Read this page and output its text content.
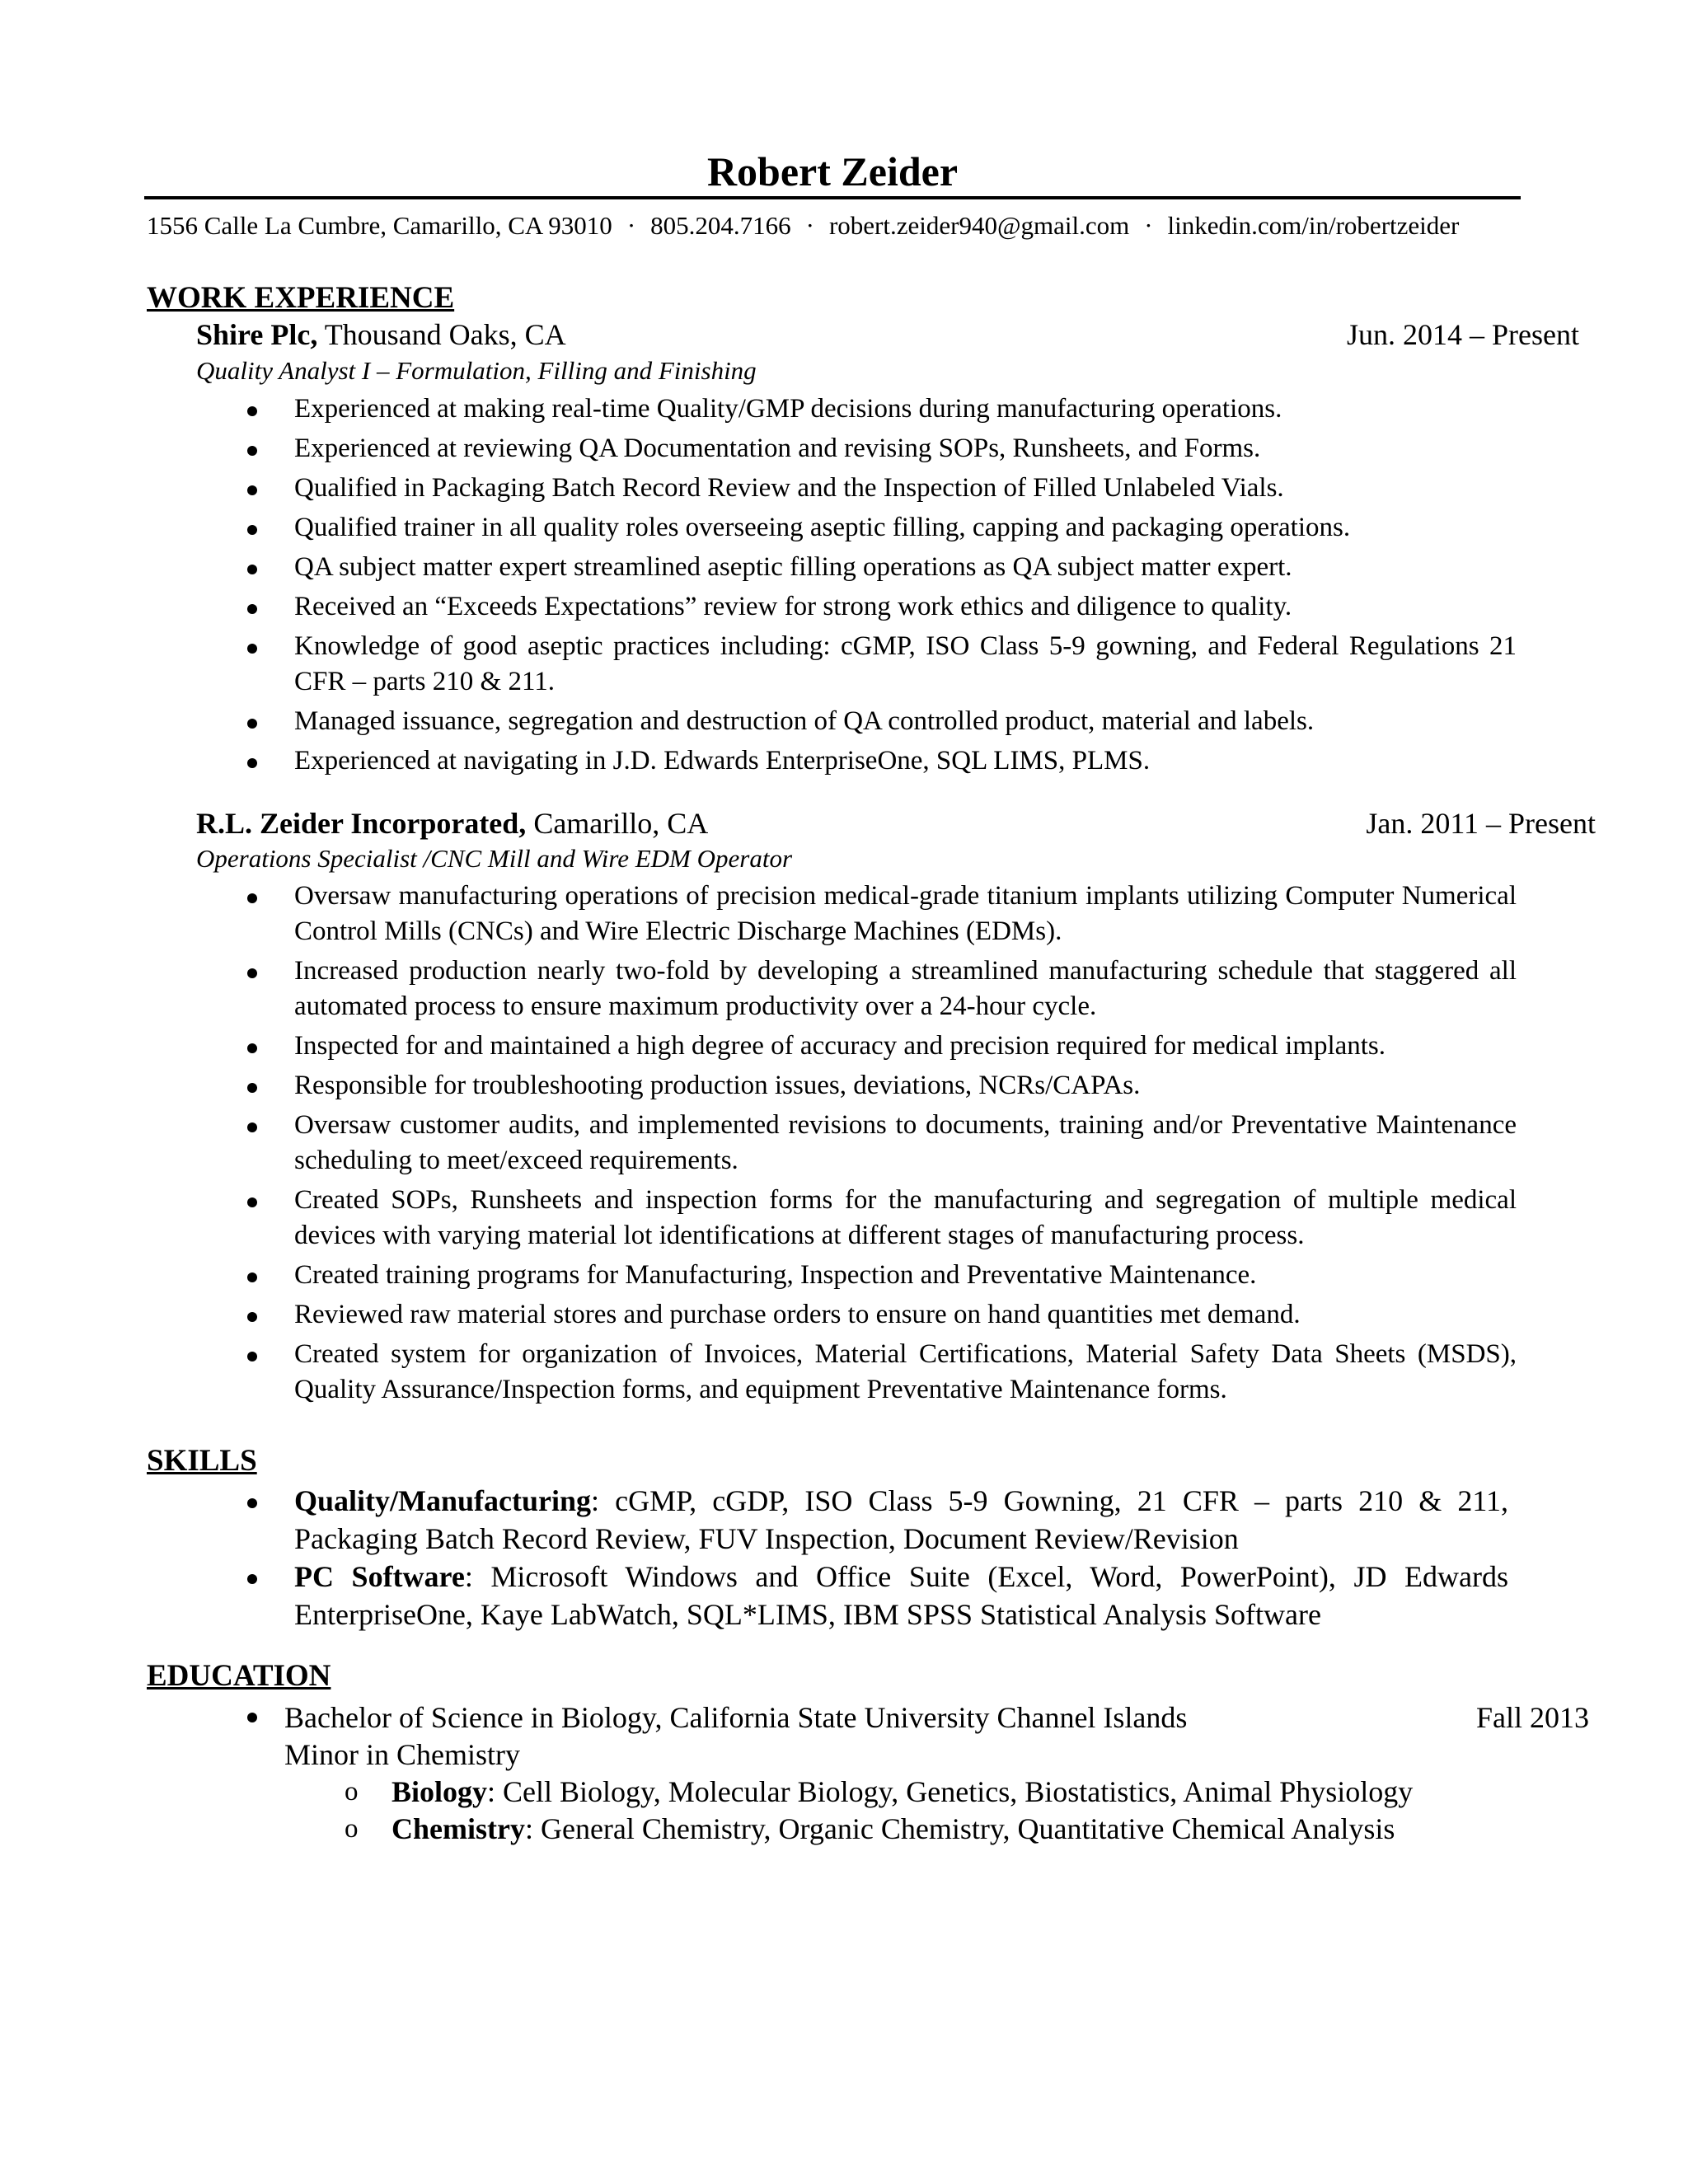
Robert Zeider
1556 Calle La Cumbre, Camarillo, CA 93010 · 805.204.7166 · robert.zeider940@gmail.com · linkedin.com/in/robertzeider
WORK EXPERIENCE
Shire Plc, Thousand Oaks, CA	Jun. 2014 – Present
Quality Analyst I – Formulation, Filling and Finishing
Experienced at making real-time Quality/GMP decisions during manufacturing operations.
Experienced at reviewing QA Documentation and revising SOPs, Runsheets, and Forms.
Qualified in Packaging Batch Record Review and the Inspection of Filled Unlabeled Vials.
Qualified trainer in all quality roles overseeing aseptic filling, capping and packaging operations.
QA subject matter expert streamlined aseptic filling operations as QA subject matter expert.
Received an “Exceeds Expectations” review for strong work ethics and diligence to quality.
Knowledge of good aseptic practices including: cGMP, ISO Class 5-9 gowning, and Federal Regulations 21 CFR – parts 210 & 211.
Managed issuance, segregation and destruction of QA controlled product, material and labels.
Experienced at navigating in J.D. Edwards EnterpriseOne, SQL LIMS, PLMS.
R.L. Zeider Incorporated, Camarillo, CA	Jan. 2011 – Present
Operations Specialist /CNC Mill and Wire EDM Operator
Oversaw manufacturing operations of precision medical-grade titanium implants utilizing Computer Numerical Control Mills (CNCs) and Wire Electric Discharge Machines (EDMs).
Increased production nearly two-fold by developing a streamlined manufacturing schedule that staggered all automated process to ensure maximum productivity over a 24-hour cycle.
Inspected for and maintained a high degree of accuracy and precision required for medical implants.
Responsible for troubleshooting production issues, deviations, NCRs/CAPAs.
Oversaw customer audits, and implemented revisions to documents, training and/or Preventative Maintenance scheduling to meet/exceed requirements.
Created SOPs, Runsheets and inspection forms for the manufacturing and segregation of multiple medical devices with varying material lot identifications at different stages of manufacturing process.
Created training programs for Manufacturing, Inspection and Preventative Maintenance.
Reviewed raw material stores and purchase orders to ensure on hand quantities met demand.
Created system for organization of Invoices, Material Certifications, Material Safety Data Sheets (MSDS), Quality Assurance/Inspection forms, and equipment Preventative Maintenance forms.
SKILLS
Quality/Manufacturing: cGMP, cGDP, ISO Class 5-9 Gowning, 21 CFR – parts 210 & 211, Packaging Batch Record Review, FUV Inspection, Document Review/Revision
PC Software: Microsoft Windows and Office Suite (Excel, Word, PowerPoint), JD Edwards EnterpriseOne, Kaye LabWatch, SQL*LIMS, IBM SPSS Statistical Analysis Software
EDUCATION
Bachelor of Science in Biology, California State University Channel Islands	Fall 2013
Minor in Chemistry
o Biology: Cell Biology, Molecular Biology, Genetics, Biostatistics, Animal Physiology
o Chemistry: General Chemistry, Organic Chemistry, Quantitative Chemical Analysis
